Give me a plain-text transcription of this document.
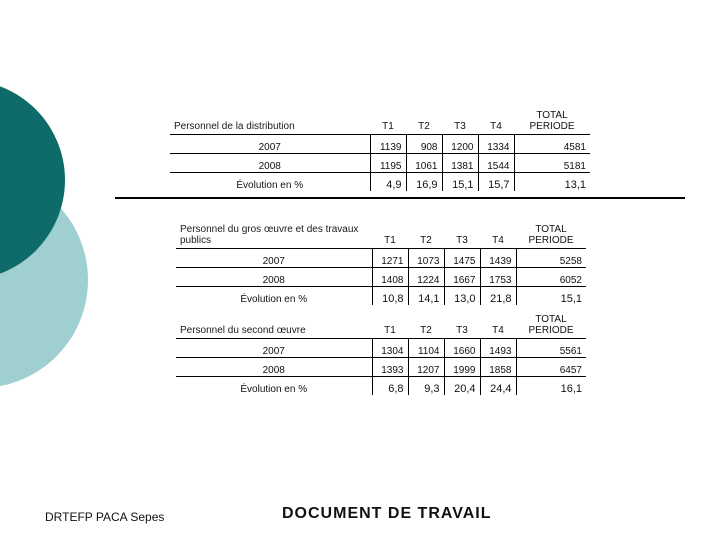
Personnel de la distribution	T1	T2	T3	T4	TOTAL PERIODE
2007	1139	908	1200	1334	4581
2008	1195	1061	1381	1544	5181
Évolution en %	4,9	16,9	15,1	15,7	13,1
Personnel du gros œuvre et des travaux publics	T1	T2	T3	T4	TOTAL PERIODE
2007	1271	1073	1475	1439	5258
2008	1408	1224	1667	1753	6052
Évolution en %	10,8	14,1	13,0	21,8	15,1
Personnel du second œuvre	T1	T2	T3	T4	TOTAL PERIODE
2007	1304	1104	1660	1493	5561
2008	1393	1207	1999	1858	6457
Évolution en %	6,8	9,3	20,4	24,4	16,1
DRTEFP PACA Sepes	DOCUMENT DE TRAVAIL
